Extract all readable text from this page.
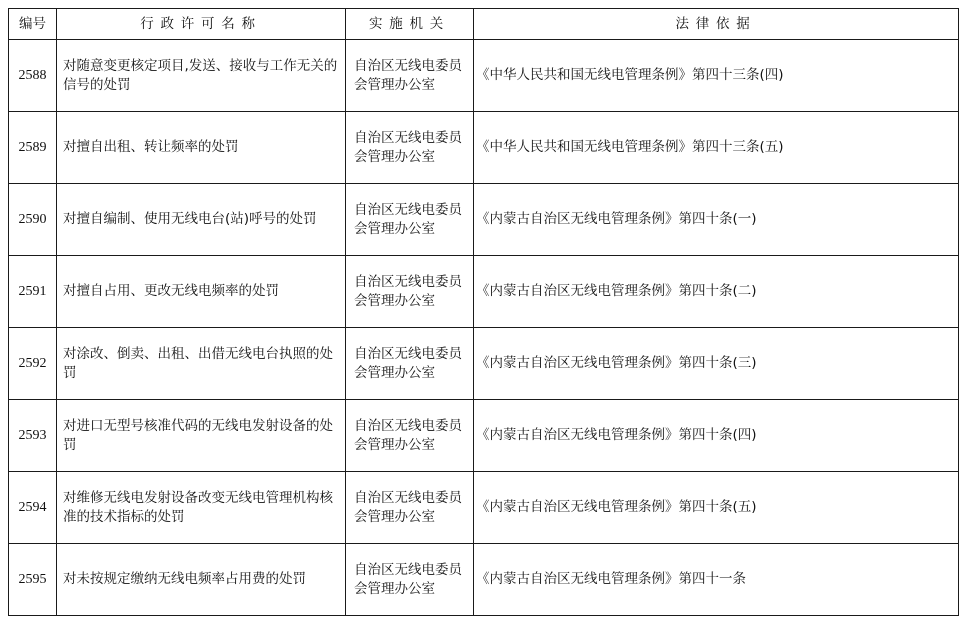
编号	行政许可名称	实施机关	法律依据
2588	对随意变更核定项目,发送、接收与工作无关的信号的处罚	自治区无线电委员会管理办公室	《中华人民共和国无线电管理条例》第四十三条(四)
2589	对擅自出租、转让频率的处罚	自治区无线电委员会管理办公室	《中华人民共和国无线电管理条例》第四十三条(五)
2590	对擅自编制、使用无线电台(站)呼号的处罚	自治区无线电委员会管理办公室	《内蒙古自治区无线电管理条例》第四十条(一)
2591	对擅自占用、更改无线电频率的处罚	自治区无线电委员会管理办公室	《内蒙古自治区无线电管理条例》第四十条(二)
2592	对涂改、倒卖、出租、出借无线电台执照的处罚	自治区无线电委员会管理办公室	《内蒙古自治区无线电管理条例》第四十条(三)
2593	对进口无型号核准代码的无线电发射设备的处罚	自治区无线电委员会管理办公室	《内蒙古自治区无线电管理条例》第四十条(四)
2594	对维修无线电发射设备改变无线电管理机构核准的技术指标的处罚	自治区无线电委员会管理办公室	《内蒙古自治区无线电管理条例》第四十条(五)
2595	对未按规定缴纳无线电频率占用费的处罚	自治区无线电委员会管理办公室	《内蒙古自治区无线电管理条例》第四十一条
